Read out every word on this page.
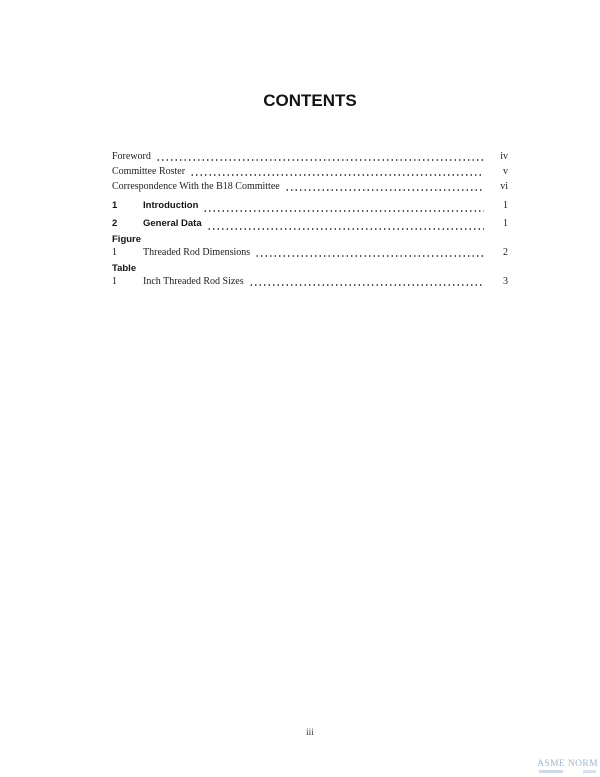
CONTENTS
Foreword	iv
Committee Roster	v
Correspondence With the B18 Committee	vi
1	Introduction	1
2	General Data	1
Figure
1	Threaded Rod Dimensions	2
Table
1	Inch Threaded Rod Sizes	3
iii
ASME NORM
